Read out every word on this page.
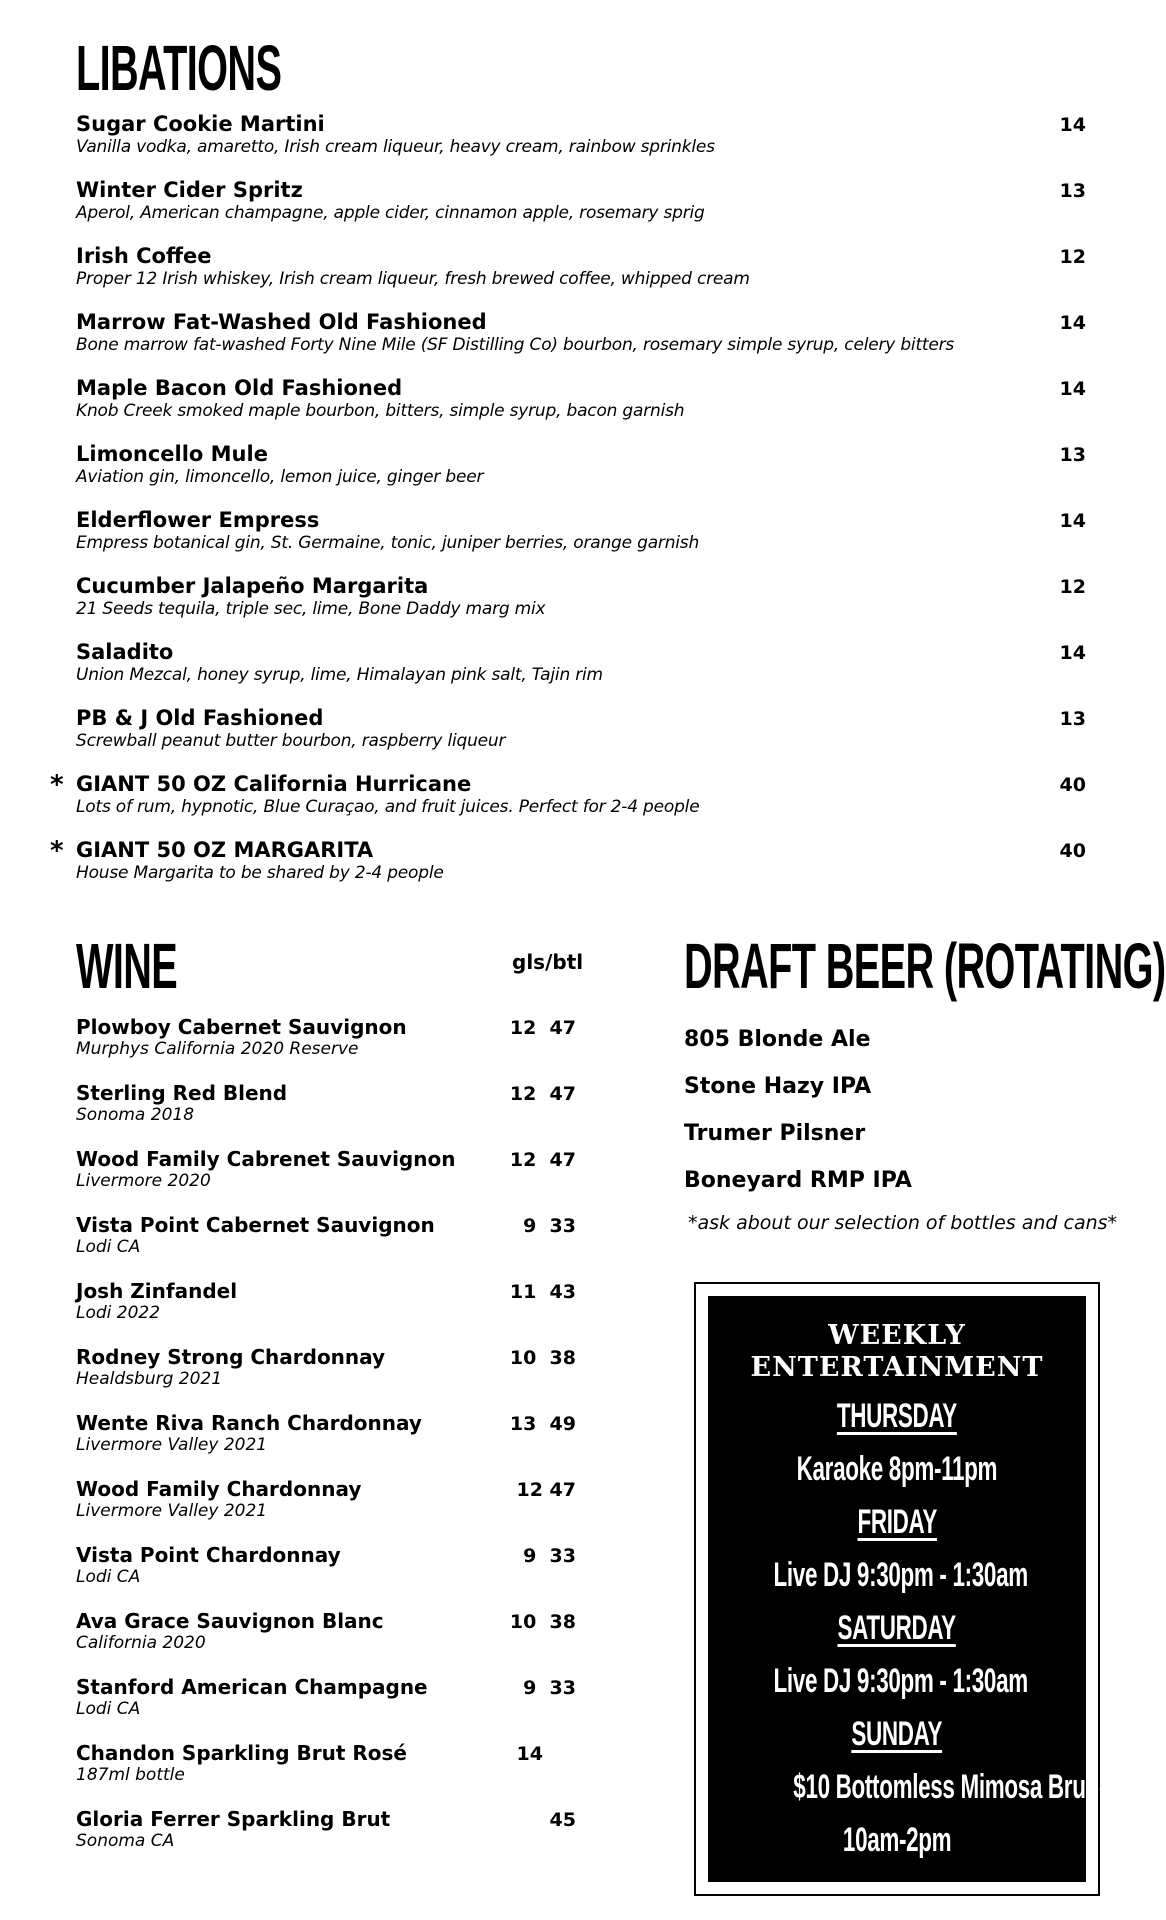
LIBATIONS
Sugar Cookie Martini
Vanilla vodka, amaretto, Irish cream liqueur, heavy cream, rainbow sprinkles
14
Winter Cider Spritz
Aperol, American champagne, apple cider, cinnamon apple, rosemary sprig
13
Irish Coffee
Proper 12 Irish whiskey, Irish cream liqueur, fresh brewed coffee, whipped cream
12
Marrow Fat-Washed Old Fashioned
Bone marrow fat-washed Forty Nine Mile (SF Distilling Co) bourbon, rosemary simple syrup, celery bitters
14
Maple Bacon Old Fashioned
Knob Creek smoked maple bourbon, bitters, simple syrup, bacon garnish
14
Limoncello Mule
Aviation gin, limoncello, lemon juice, ginger beer
13
Elderflower Empress
Empress botanical gin, St. Germaine, tonic, juniper berries, orange garnish
14
Cucumber Jalapeño Margarita
21 Seeds tequila, triple sec, lime, Bone Daddy marg mix
12
Saladito
Union Mezcal, honey syrup, lime, Himalayan pink salt, Tajin rim
14
PB & J Old Fashioned
Screwball peanut butter bourbon, raspberry liqueur
13
* GIANT 50 OZ California Hurricane
Lots of rum, hypnotic, Blue Curaçao, and fruit juices. Perfect for 2-4 people
40
* GIANT 50 OZ MARGARITA
House Margarita to be shared by 2-4 people
40
WINE	gls/btl
Plowboy Cabernet Sauvignon
Murphys California 2020 Reserve
12  47
Sterling Red Blend
Sonoma 2018
12  47
Wood Family Cabrenet Sauvignon
Livermore 2020
12  47
Vista Point Cabernet Sauvignon
Lodi CA
9  33
Josh Zinfandel
Lodi 2022
11  43
Rodney Strong Chardonnay
Healdsburg 2021
10  38
Wente Riva Ranch Chardonnay
Livermore Valley 2021
13  49
Wood Family Chardonnay
Livermore Valley 2021
12 47
Vista Point Chardonnay
Lodi CA
9  33
Ava Grace Sauvignon Blanc
California 2020
10  38
Stanford American Champagne
Lodi CA
9  33
Chandon Sparkling Brut Rosé
187ml bottle
14
Gloria Ferrer Sparkling Brut
Sonoma CA
45
DRAFT BEER (ROTATING)
805 Blonde Ale
Stone Hazy IPA
Trumer Pilsner
Boneyard RMP IPA
*ask about our selection of bottles and cans*
WEEKLY
ENTERTAINMENT
THURSDAY
Karaoke 8pm-11pm
FRIDAY
Live DJ 9:30pm - 1:30am
SATURDAY
Live DJ 9:30pm - 1:30am
SUNDAY
$10 Bottomless Mimosa Brunch
10am-2pm
